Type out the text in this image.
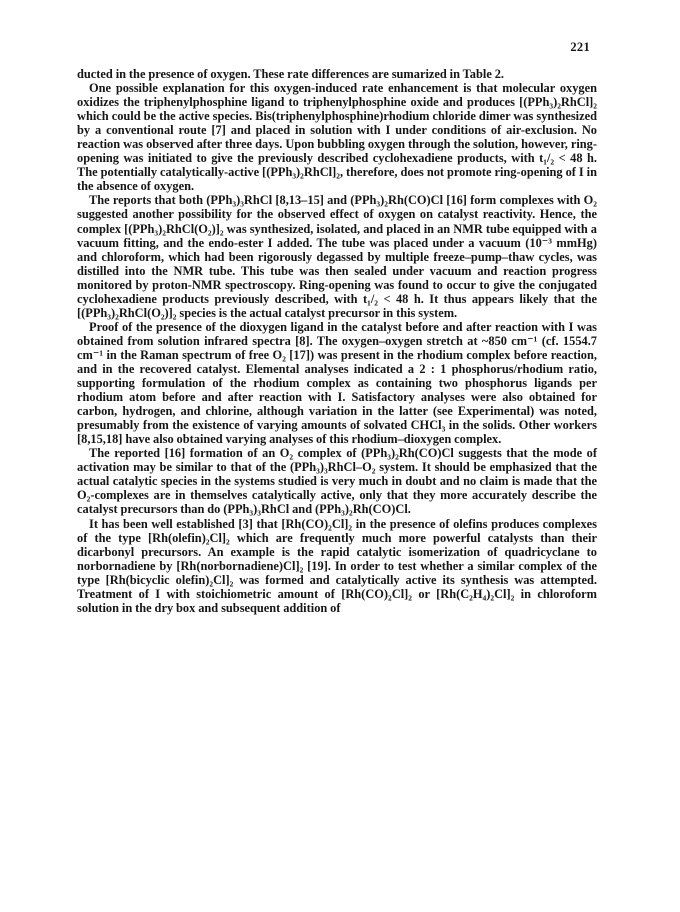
221

ducted in the presence of oxygen. These rate differences are sumarized in Table 2.

One possible explanation for this oxygen-induced rate enhancement is that molecular oxygen oxidizes the triphenylphosphine ligand to triphenylphosphine oxide and produces [(PPh₃)₂RhCl]₂ which could be the active species. Bis(triphenylphosphine)rhodium chloride dimer was synthesized by a conventional route [7] and placed in solution with I under conditions of air-exclusion. No reaction was observed after three days. Upon bubbling oxygen through the solution, however, ring-opening was initiated to give the previously described cyclohexadiene products, with t₁/₂ < 48 h. The potentially catalytically-active [(PPh₃)₂RhCl]₂, therefore, does not promote ring-opening of I in the absence of oxygen.

The reports that both (PPh₃)₃RhCl [8,13–15] and (PPh₃)₂Rh(CO)Cl [16] form complexes with O₂ suggested another possibility for the observed effect of oxygen on catalyst reactivity. Hence, the complex [(PPh₃)₂RhCl(O₂)]₂ was synthesized, isolated, and placed in an NMR tube equipped with a vacuum fitting, and the endo-ester I added. The tube was placed under a vacuum (10⁻³ mmHg) and chloroform, which had been rigorously degassed by multiple freeze–pump–thaw cycles, was distilled into the NMR tube. This tube was then sealed under vacuum and reaction progress monitored by proton-NMR spectroscopy. Ring-opening was found to occur to give the conjugated cyclohexadiene products previously described, with t₁/₂ < 48 h. It thus appears likely that the [(PPh₃)₂RhCl(O₂)]₂ species is the actual catalyst precursor in this system.

Proof of the presence of the dioxygen ligand in the catalyst before and after reaction with I was obtained from solution infrared spectra [8]. The oxygen–oxygen stretch at ~850 cm⁻¹ (cf. 1554.7 cm⁻¹ in the Raman spectrum of free O₂ [17]) was present in the rhodium complex before reaction, and in the recovered catalyst. Elemental analyses indicated a 2 : 1 phosphorus/rhodium ratio, supporting formulation of the rhodium complex as containing two phosphorus ligands per rhodium atom before and after reaction with I. Satisfactory analyses were also obtained for carbon, hydrogen, and chlorine, although variation in the latter (see Experimental) was noted, presumably from the existence of varying amounts of solvated CHCl₃ in the solids. Other workers [8,15,18] have also obtained varying analyses of this rhodium–dioxygen complex.

The reported [16] formation of an O₂ complex of (PPh₃)₂Rh(CO)Cl suggests that the mode of activation may be similar to that of the (PPh₃)₃RhCl–O₂ system. It should be emphasized that the actual catalytic species in the systems studied is very much in doubt and no claim is made that the O₂-complexes are in themselves catalytically active, only that they more accurately describe the catalyst precursors than do (PPh₃)₃RhCl and (PPh₃)₂Rh(CO)Cl.

It has been well established [3] that [Rh(CO)₂Cl]₂ in the presence of olefins produces complexes of the type [Rh(olefin)₂Cl]₂ which are frequently much more powerful catalysts than their dicarbonyl precursors. An example is the rapid catalytic isomerization of quadricyclane to norbornadiene by [Rh(norbornadiene)Cl]₂ [19]. In order to test whether a similar complex of the type [Rh(bicyclic olefin)₂Cl]₂ was formed and catalytically active its synthesis was attempted. Treatment of I with stoichiometric amount of [Rh(CO)₂Cl]₂ or [Rh(C₂H₄)₂Cl]₂ in chloroform solution in the dry box and subsequent addition of
